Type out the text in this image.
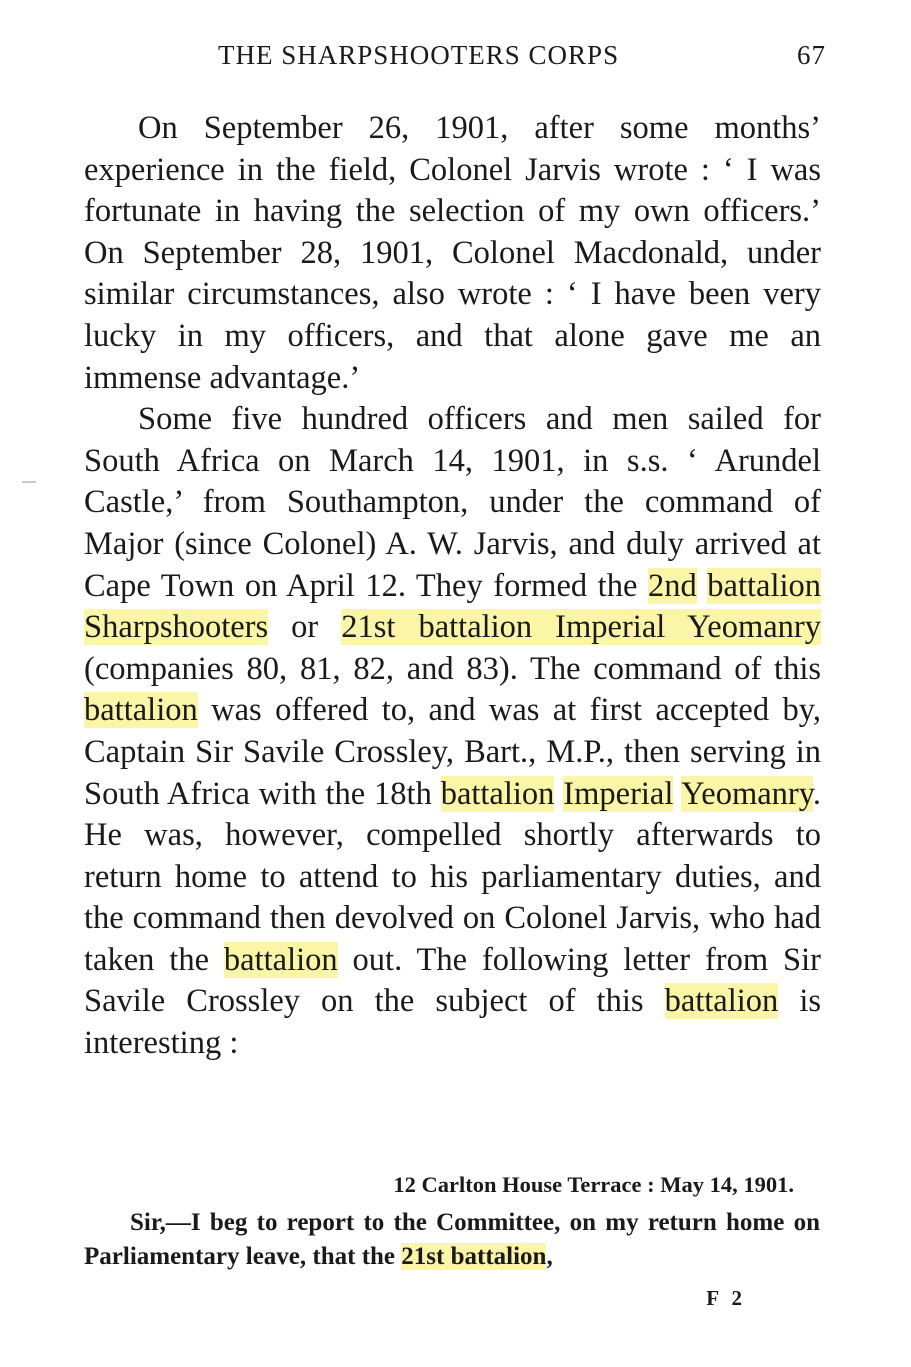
THE SHARPSHOOTERS CORPS	67

On September 26, 1901, after some months’ experience in the field, Colonel Jarvis wrote : ‘ I was fortunate in having the selection of my own officers.’ On September 28, 1901, Colonel Macdonald, under similar circumstances, also wrote : ‘ I have been very lucky in my officers, and that alone gave me an immense advantage.’

Some five hundred officers and men sailed for South Africa on March 14, 1901, in s.s. ‘ Arundel Castle,’ from Southampton, under the command of Major (since Colonel) A. W. Jarvis, and duly arrived at Cape Town on April 12. They formed the 2nd battalion Sharpshooters or 21st battalion Imperial Yeomanry (companies 80, 81, 82, and 83). The command of this battalion was offered to, and was at first accepted by, Captain Sir Savile Crossley, Bart., M.P., then serving in South Africa with the 18th battalion Imperial Yeomanry. He was, however, compelled shortly afterwards to return home to attend to his parliamentary duties, and the command then devolved on Colonel Jarvis, who had taken the battalion out. The following letter from Sir Savile Crossley on the subject of this battalion is interesting :

12 Carlton House Terrace : May 14, 1901.

Sir,—I beg to report to the Committee, on my return home on Parliamentary leave, that the 21st battalion,

F 2
